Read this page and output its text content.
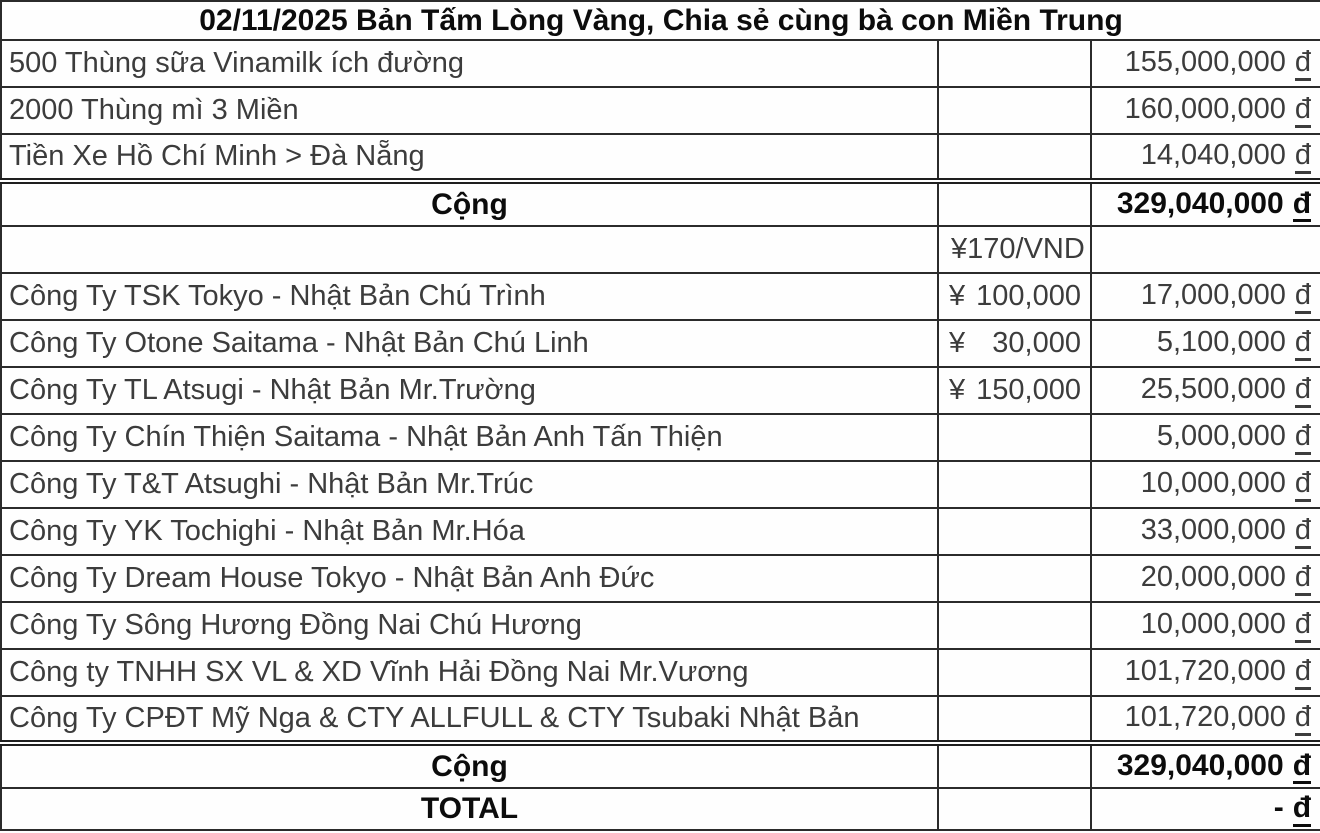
02/11/2025 Bản Tấm Lòng Vàng, Chia sẻ cùng bà con Miền Trung		
500 Thùng sữa Vinamilk ích đường		155,000,000 đ
2000 Thùng mì 3 Miền		160,000,000 đ
Tiền Xe Hồ Chí Minh > Đà Nẵng		14,040,000 đ
Cộng		329,040,000 đ

	¥170/VND	

Công Ty TSK Tokyo - Nhật Bản Chú Trình	¥ 100,000	17,000,000 đ
Công Ty Otone Saitama - Nhật Bản Chú Linh	¥ 30,000	5,100,000 đ
Công Ty TL Atsugi - Nhật Bản Mr.Trường	¥ 150,000	25,500,000 đ
Công Ty Chín Thiện Saitama - Nhật Bản Anh Tấn Thiện		5,000,000 đ
Công Ty T&T Atsughi - Nhật Bản Mr.Trúc		10,000,000 đ
Công Ty YK Tochighi - Nhật Bản Mr.Hóa		33,000,000 đ
Công Ty Dream House Tokyo - Nhật Bản Anh Đức		20,000,000 đ
Công Ty Sông Hương Đồng Nai Chú Hương		10,000,000 đ
Công ty TNHH SX VL & XD Vĩnh Hải Đồng Nai Mr.Vương		101,720,000 đ
Công Ty CPĐT Mỹ Nga & CTY ALLFULL & CTY Tsubaki Nhật Bản		101,720,000 đ
Cộng		329,040,000 đ
TOTAL		- đ
